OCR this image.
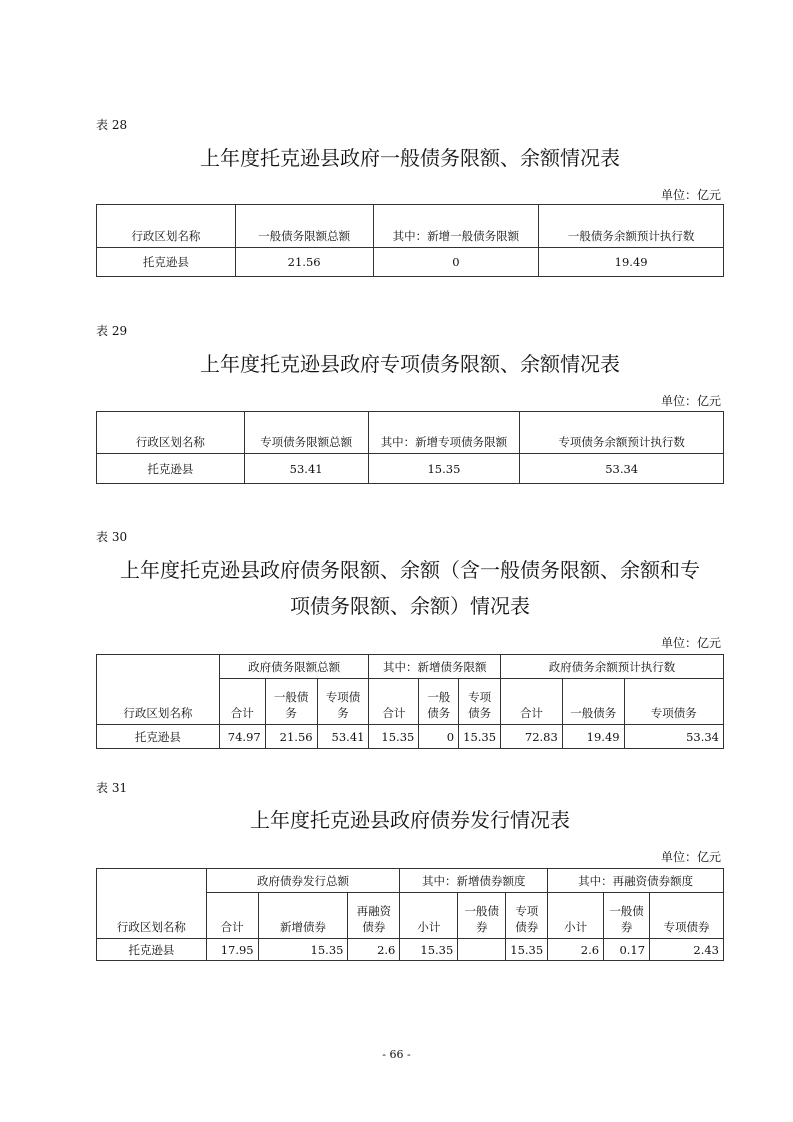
表 28
上年度托克逊县政府一般债务限额、余额情况表
单位：亿元
行政区划名称	一般债务限额总额	其中：新增一般债务限额	一般债务余额预计执行数
托克逊县	21.56	0	19.49
表 29
上年度托克逊县政府专项债务限额、余额情况表
单位：亿元
行政区划名称	专项债务限额总额	其中：新增专项债务限额	专项债务余额预计执行数
托克逊县	53.41	15.35	53.34
表 30
上年度托克逊县政府债务限额、余额（含一般债务限额、余额和专
项债务限额、余额）情况表
单位：亿元
行政区划名称	政府债务限额总额			其中：新增债务限额			政府债务余额预计执行数		
	合计	一般债务	专项债务	合计	一般债务	专项债务	合计	一般债务	专项债务
托克逊县	74.97	21.56	53.41	15.35	0	15.35	72.83	19.49	53.34
表 31
上年度托克逊县政府债券发行情况表
单位：亿元
行政区划名称	政府债券发行总额			其中：新增债券额度			其中：再融资债券额度		
	合计	新增债券	再融资债券	小计	一般债券	专项债券	小计	一般债券	专项债券
托克逊县	17.95	15.35	2.6	15.35		15.35	2.6	0.17	2.43
- 66 -
